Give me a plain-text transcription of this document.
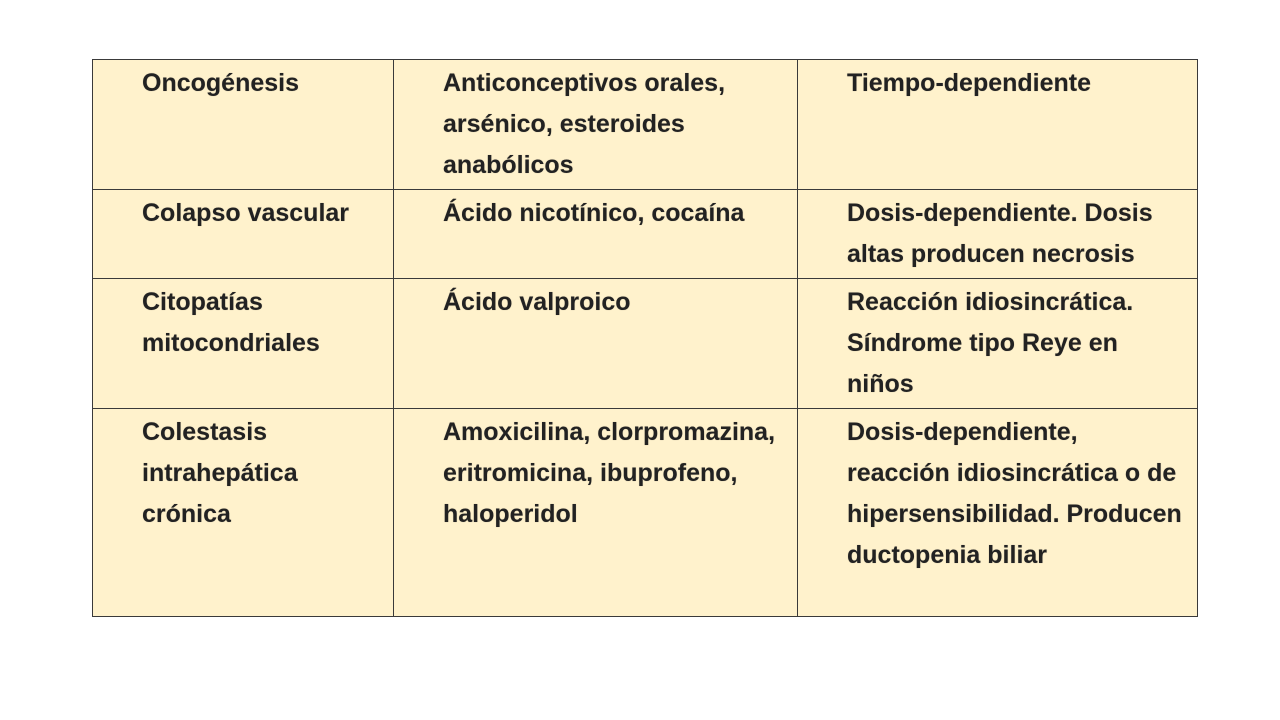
Oncogénesis	Anticonceptivos orales, arsénico, esteroides anabólicos	Tiempo-dependiente
Colapso vascular	Ácido nicotínico, cocaína	Dosis-dependiente. Dosis altas producen necrosis
Citopatías mitocondriales	Ácido valproico	Reacción idiosincrática. Síndrome tipo Reye en niños
Colestasis intrahepática crónica	Amoxicilina, clorpromazina, eritromicina, ibuprofeno, haloperidol	Dosis-dependiente, reacción idiosincrática o de hipersensibilidad. Producen ductopenia biliar
